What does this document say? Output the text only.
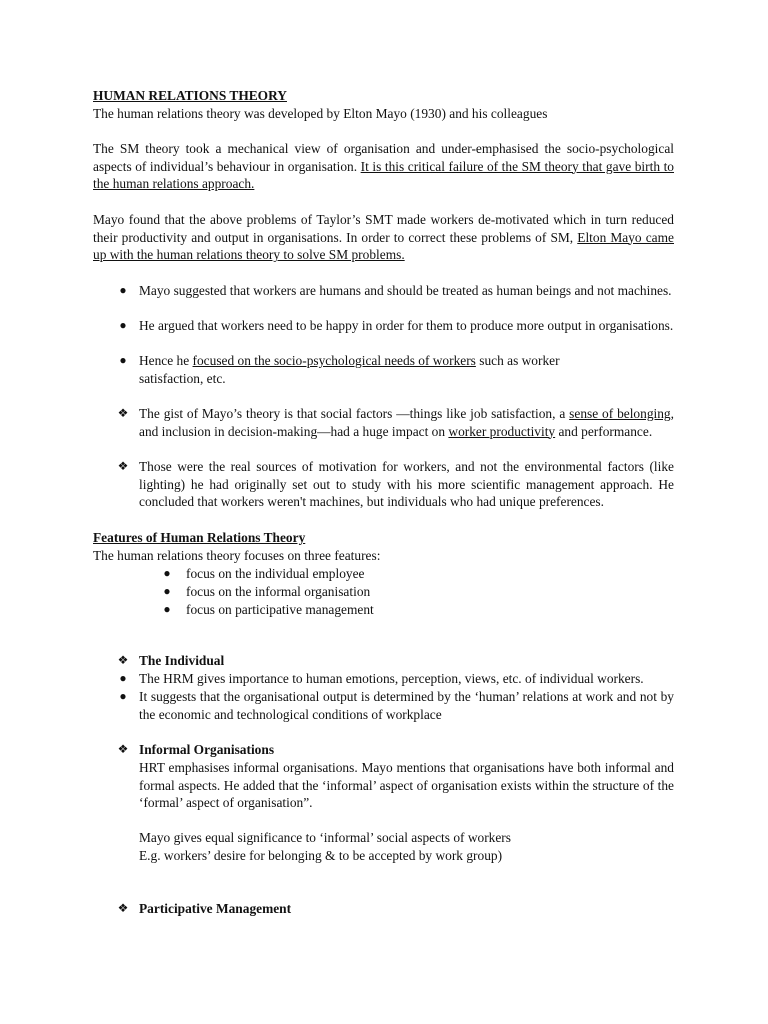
HUMAN RELATIONS THEORY

The human relations theory was developed by Elton Mayo (1930) and his colleagues

The SM theory took a mechanical view of organisation and under-emphasised the socio-psychological aspects of individual’s behaviour in organisation. It is this critical failure of the SM theory that gave birth to the human relations approach.

Mayo found that the above problems of Taylor’s SMT made workers de-motivated which in turn reduced their productivity and output in organisations. In order to correct these problems of SM, Elton Mayo came up with the human relations theory to solve SM problems.

● Mayo suggested that workers are humans and should be treated as human beings and not machines.

● He argued that workers need to be happy in order for them to produce more output in organisations.

● Hence he focused on the socio-psychological needs of workers such as worker

satisfaction, etc.

❖ The gist of Mayo’s theory is that social factors —things like job satisfaction, a sense of belonging, and inclusion in decision-making—had a huge impact on worker productivity and performance.

❖ Those were the real sources of motivation for workers, and not the environmental factors (like lighting) he had originally set out to study with his more scientific management approach. He concluded that workers weren't machines, but individuals who had unique preferences.

Features of Human Relations Theory

The human relations theory focuses on three features:

● focus on the individual employee

● focus on the informal organisation

● focus on participative management

❖ The Individual

● The HRM gives importance to human emotions, perception, views, etc. of individual workers.

● It suggests that the organisational output is determined by the ‘human’ relations at work and not by the economic and technological conditions of workplace

❖ Informal Organisations

HRT emphasises informal organisations. Mayo mentions that organisations have both informal and formal aspects. He added that the ‘informal’ aspect of organisation exists within the structure of the ‘formal’ aspect of organisation”.

Mayo gives equal significance to ‘informal’ social aspects of workers

E.g. workers’ desire for belonging & to be accepted by work group)

❖ Participative Management
